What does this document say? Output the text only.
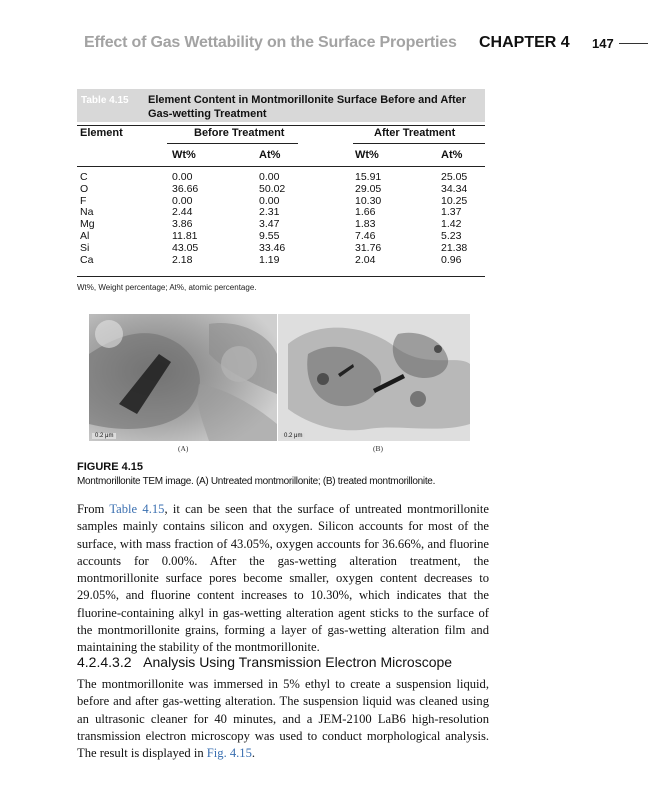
Effect of Gas Wettability on the Surface Properties CHAPTER 4 147
Table 4.15 Element Content in Montmorillonite Surface Before and After Gas-wetting Treatment
Element	Before Treatment	After Treatment
Wt%	At%	Wt%	At%
C	0.00	0.00	15.91	25.05
O	36.66	50.02	29.05	34.34
F	0.00	0.00	10.30	10.25
Na	2.44	2.31	1.66	1.37
Mg	3.86	3.47	1.83	1.42
Al	11.81	9.55	7.46	5.23
Si	43.05	33.46	31.76	21.38
Ca	2.18	1.19	2.04	0.96
Wt%, Weight percentage; At%, atomic percentage.
0.2 μm	0.2 μm
(A)	(B)
FIGURE 4.15
Montmorillonite TEM image. (A) Untreated montmorillonite; (B) treated montmorillonite.
From Table 4.15, it can be seen that the surface of untreated montmorillonite samples mainly contains silicon and oxygen. Silicon accounts for most of the surface, with mass fraction of 43.05%, oxygen accounts for 36.66%, and fluorine accounts for 0.00%. After the gas-wetting alteration treatment, the montmorillonite surface pores become smaller, oxygen content decreases to 29.05%, and fluorine content increases to 10.30%, which indicates that the fluorine-containing alkyl in gas-wetting alteration agent sticks to the surface of the montmorillonite grains, forming a layer of gas-wetting alteration film and maintaining the stability of the montmorillonite.
4.2.4.3.2 Analysis Using Transmission Electron Microscope
The montmorillonite was immersed in 5% ethyl to create a suspension liquid, before and after gas-wetting alteration. The suspension liquid was cleaned using an ultrasonic cleaner for 40 minutes, and a JEM-2100 LaB6 high-resolution transmission electron microscopy was used to conduct morphological analysis. The result is displayed in Fig. 4.15.
